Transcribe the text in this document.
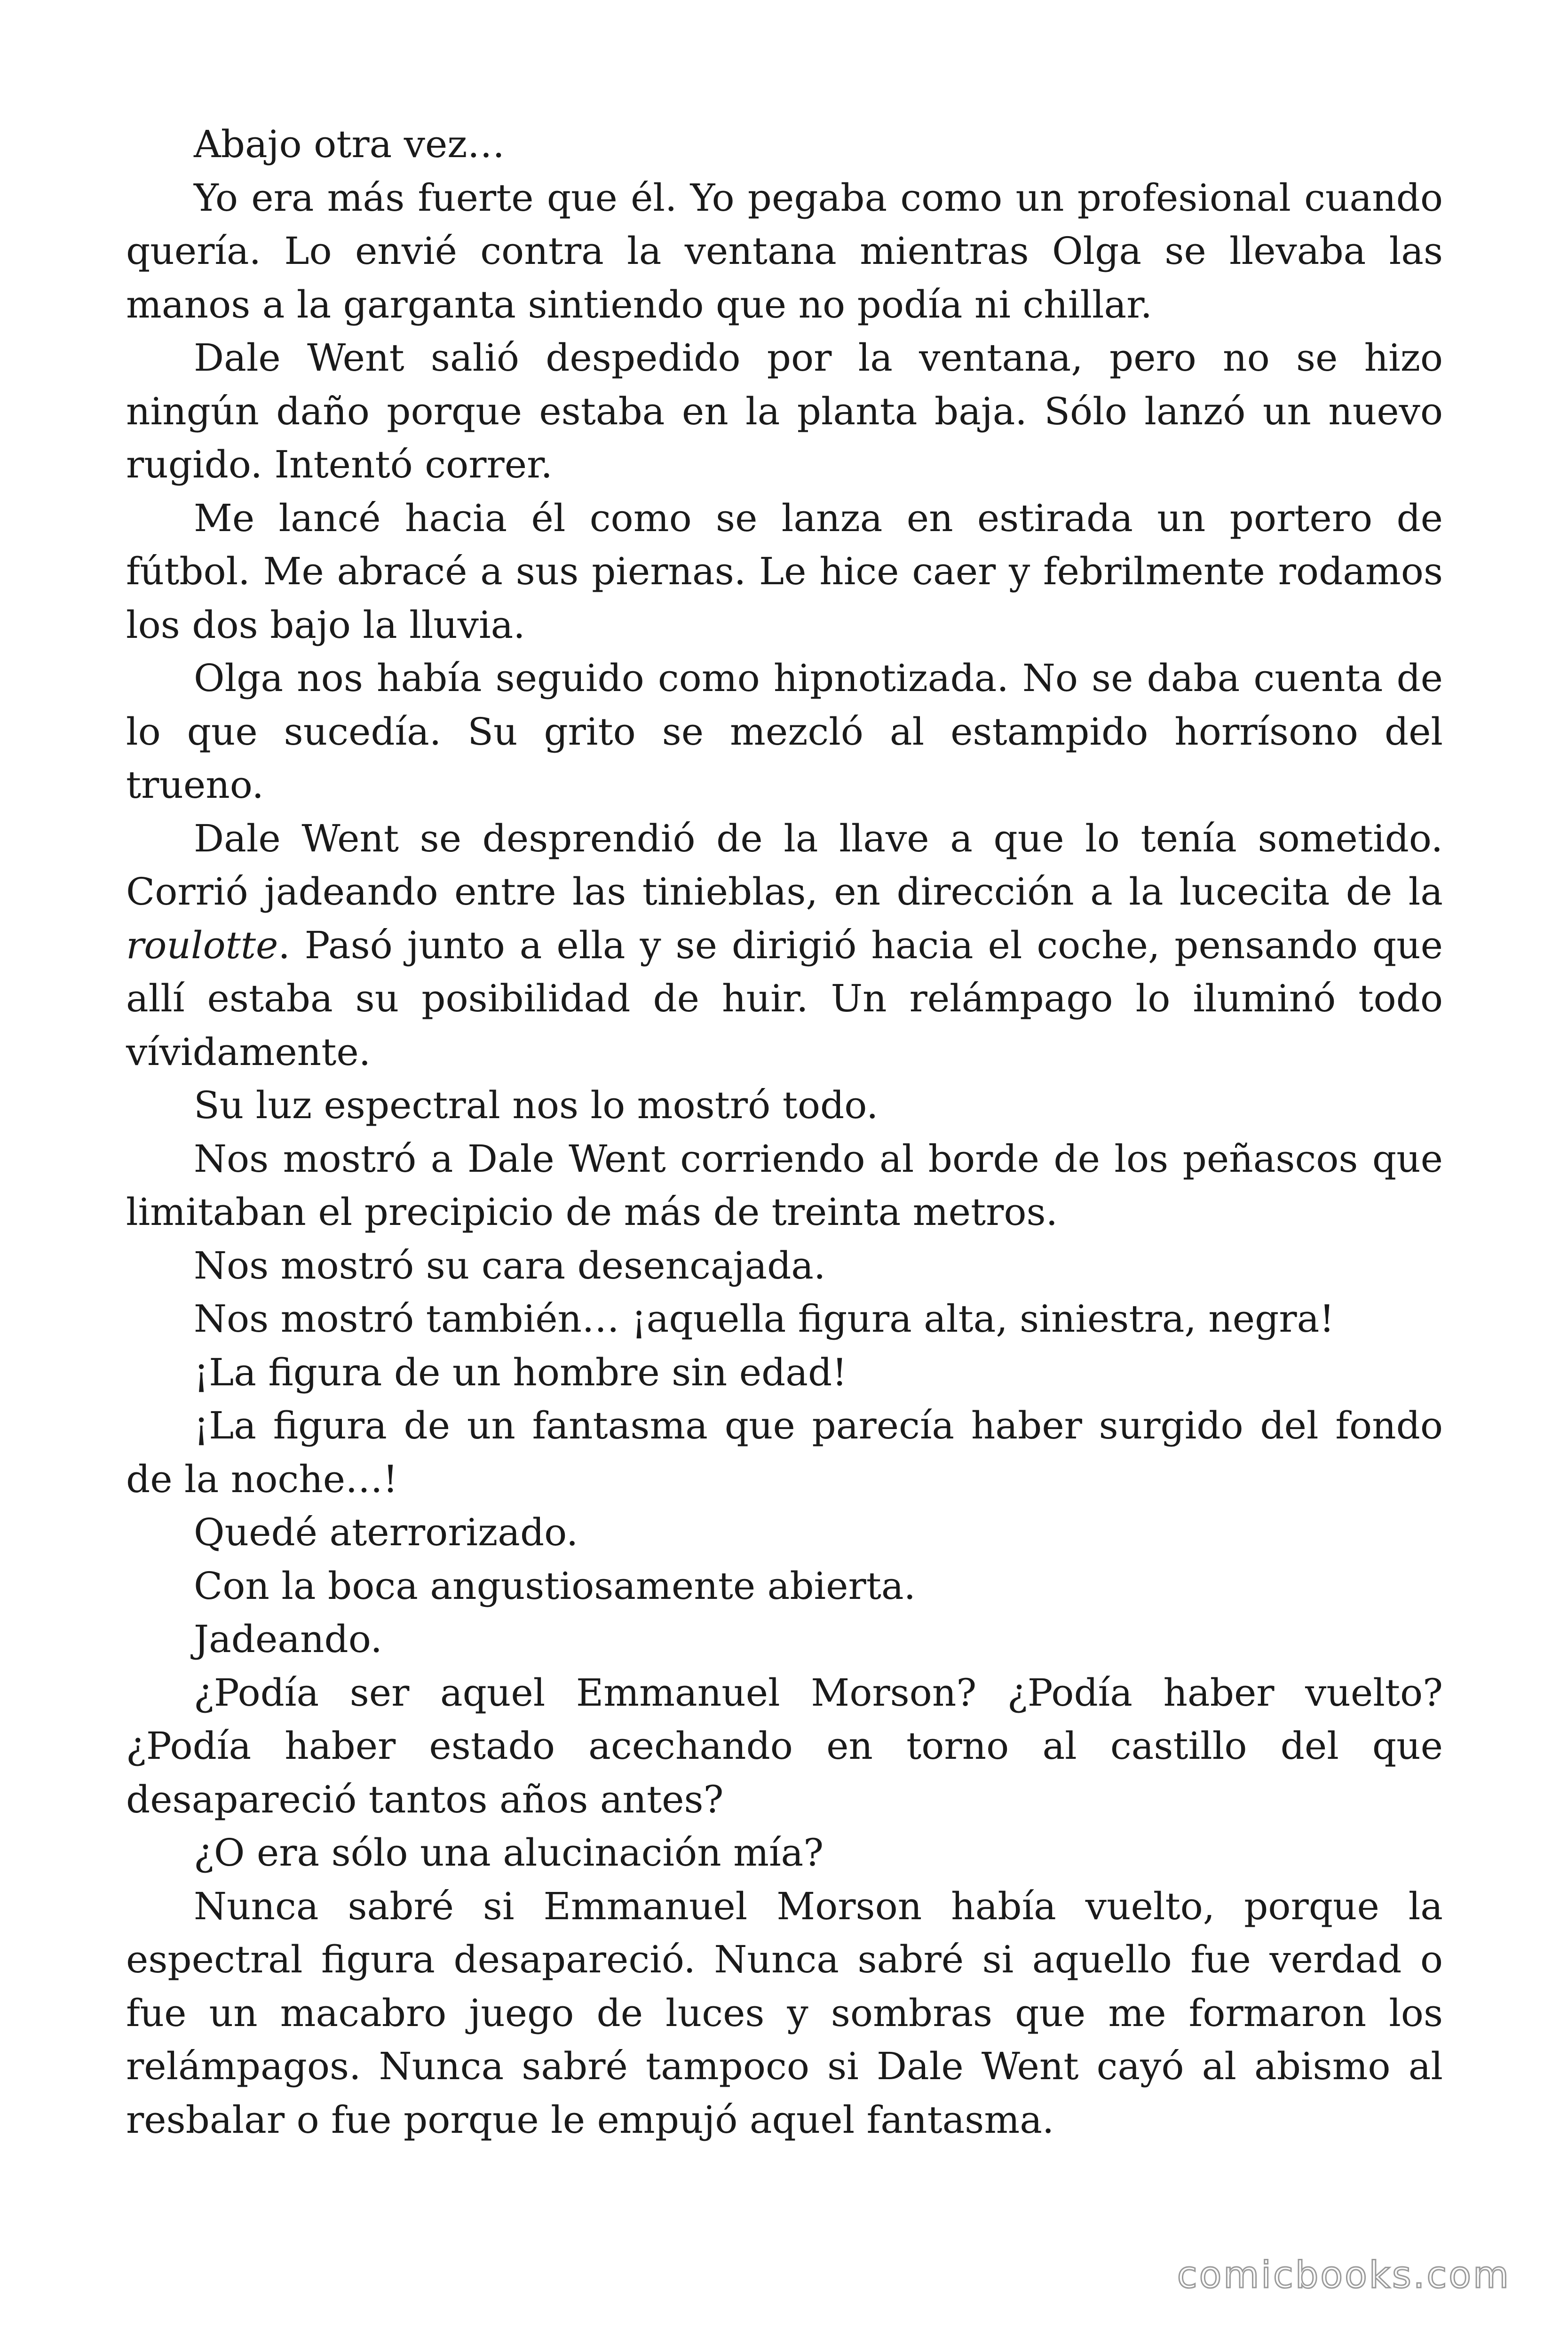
Abajo otra vez…

Yo era más fuerte que él. Yo pegaba como un profesional cuando quería. Lo envié contra la ventana mientras Olga se llevaba las manos a la garganta sintiendo que no podía ni chillar.

Dale Went salió despedido por la ventana, pero no se hizo ningún daño porque estaba en la planta baja. Sólo lanzó un nuevo rugido. Intentó correr.

Me lancé hacia él como se lanza en estirada un portero de fútbol. Me abracé a sus piernas. Le hice caer y febrilmente rodamos los dos bajo la lluvia.

Olga nos había seguido como hipnotizada. No se daba cuenta de lo que sucedía. Su grito se mezcló al estampido horrísono del trueno.

Dale Went se desprendió de la llave a que lo tenía sometido. Corrió jadeando entre las tinieblas, en dirección a la lucecita de la roulotte. Pasó junto a ella y se dirigió hacia el coche, pensando que allí estaba su posibilidad de huir. Un relámpago lo iluminó todo vívidamente.

Su luz espectral nos lo mostró todo.

Nos mostró a Dale Went corriendo al borde de los peñascos que limitaban el precipicio de más de treinta metros.

Nos mostró su cara desencajada.

Nos mostró también… ¡aquella figura alta, siniestra, negra!

¡La figura de un hombre sin edad!

¡La figura de un fantasma que parecía haber surgido del fondo de la noche…!

Quedé aterrorizado.

Con la boca angustiosamente abierta.

Jadeando.

¿Podía ser aquel Emmanuel Morson? ¿Podía haber vuelto? ¿Podía haber estado acechando en torno al castillo del que desapareció tantos años antes?

¿O era sólo una alucinación mía?

Nunca sabré si Emmanuel Morson había vuelto, porque la espectral figura desapareció. Nunca sabré si aquello fue verdad o fue un macabro juego de luces y sombras que me formaron los relámpagos. Nunca sabré tampoco si Dale Went cayó al abismo al resbalar o fue porque le empujó aquel fantasma.

comicbooks.com
